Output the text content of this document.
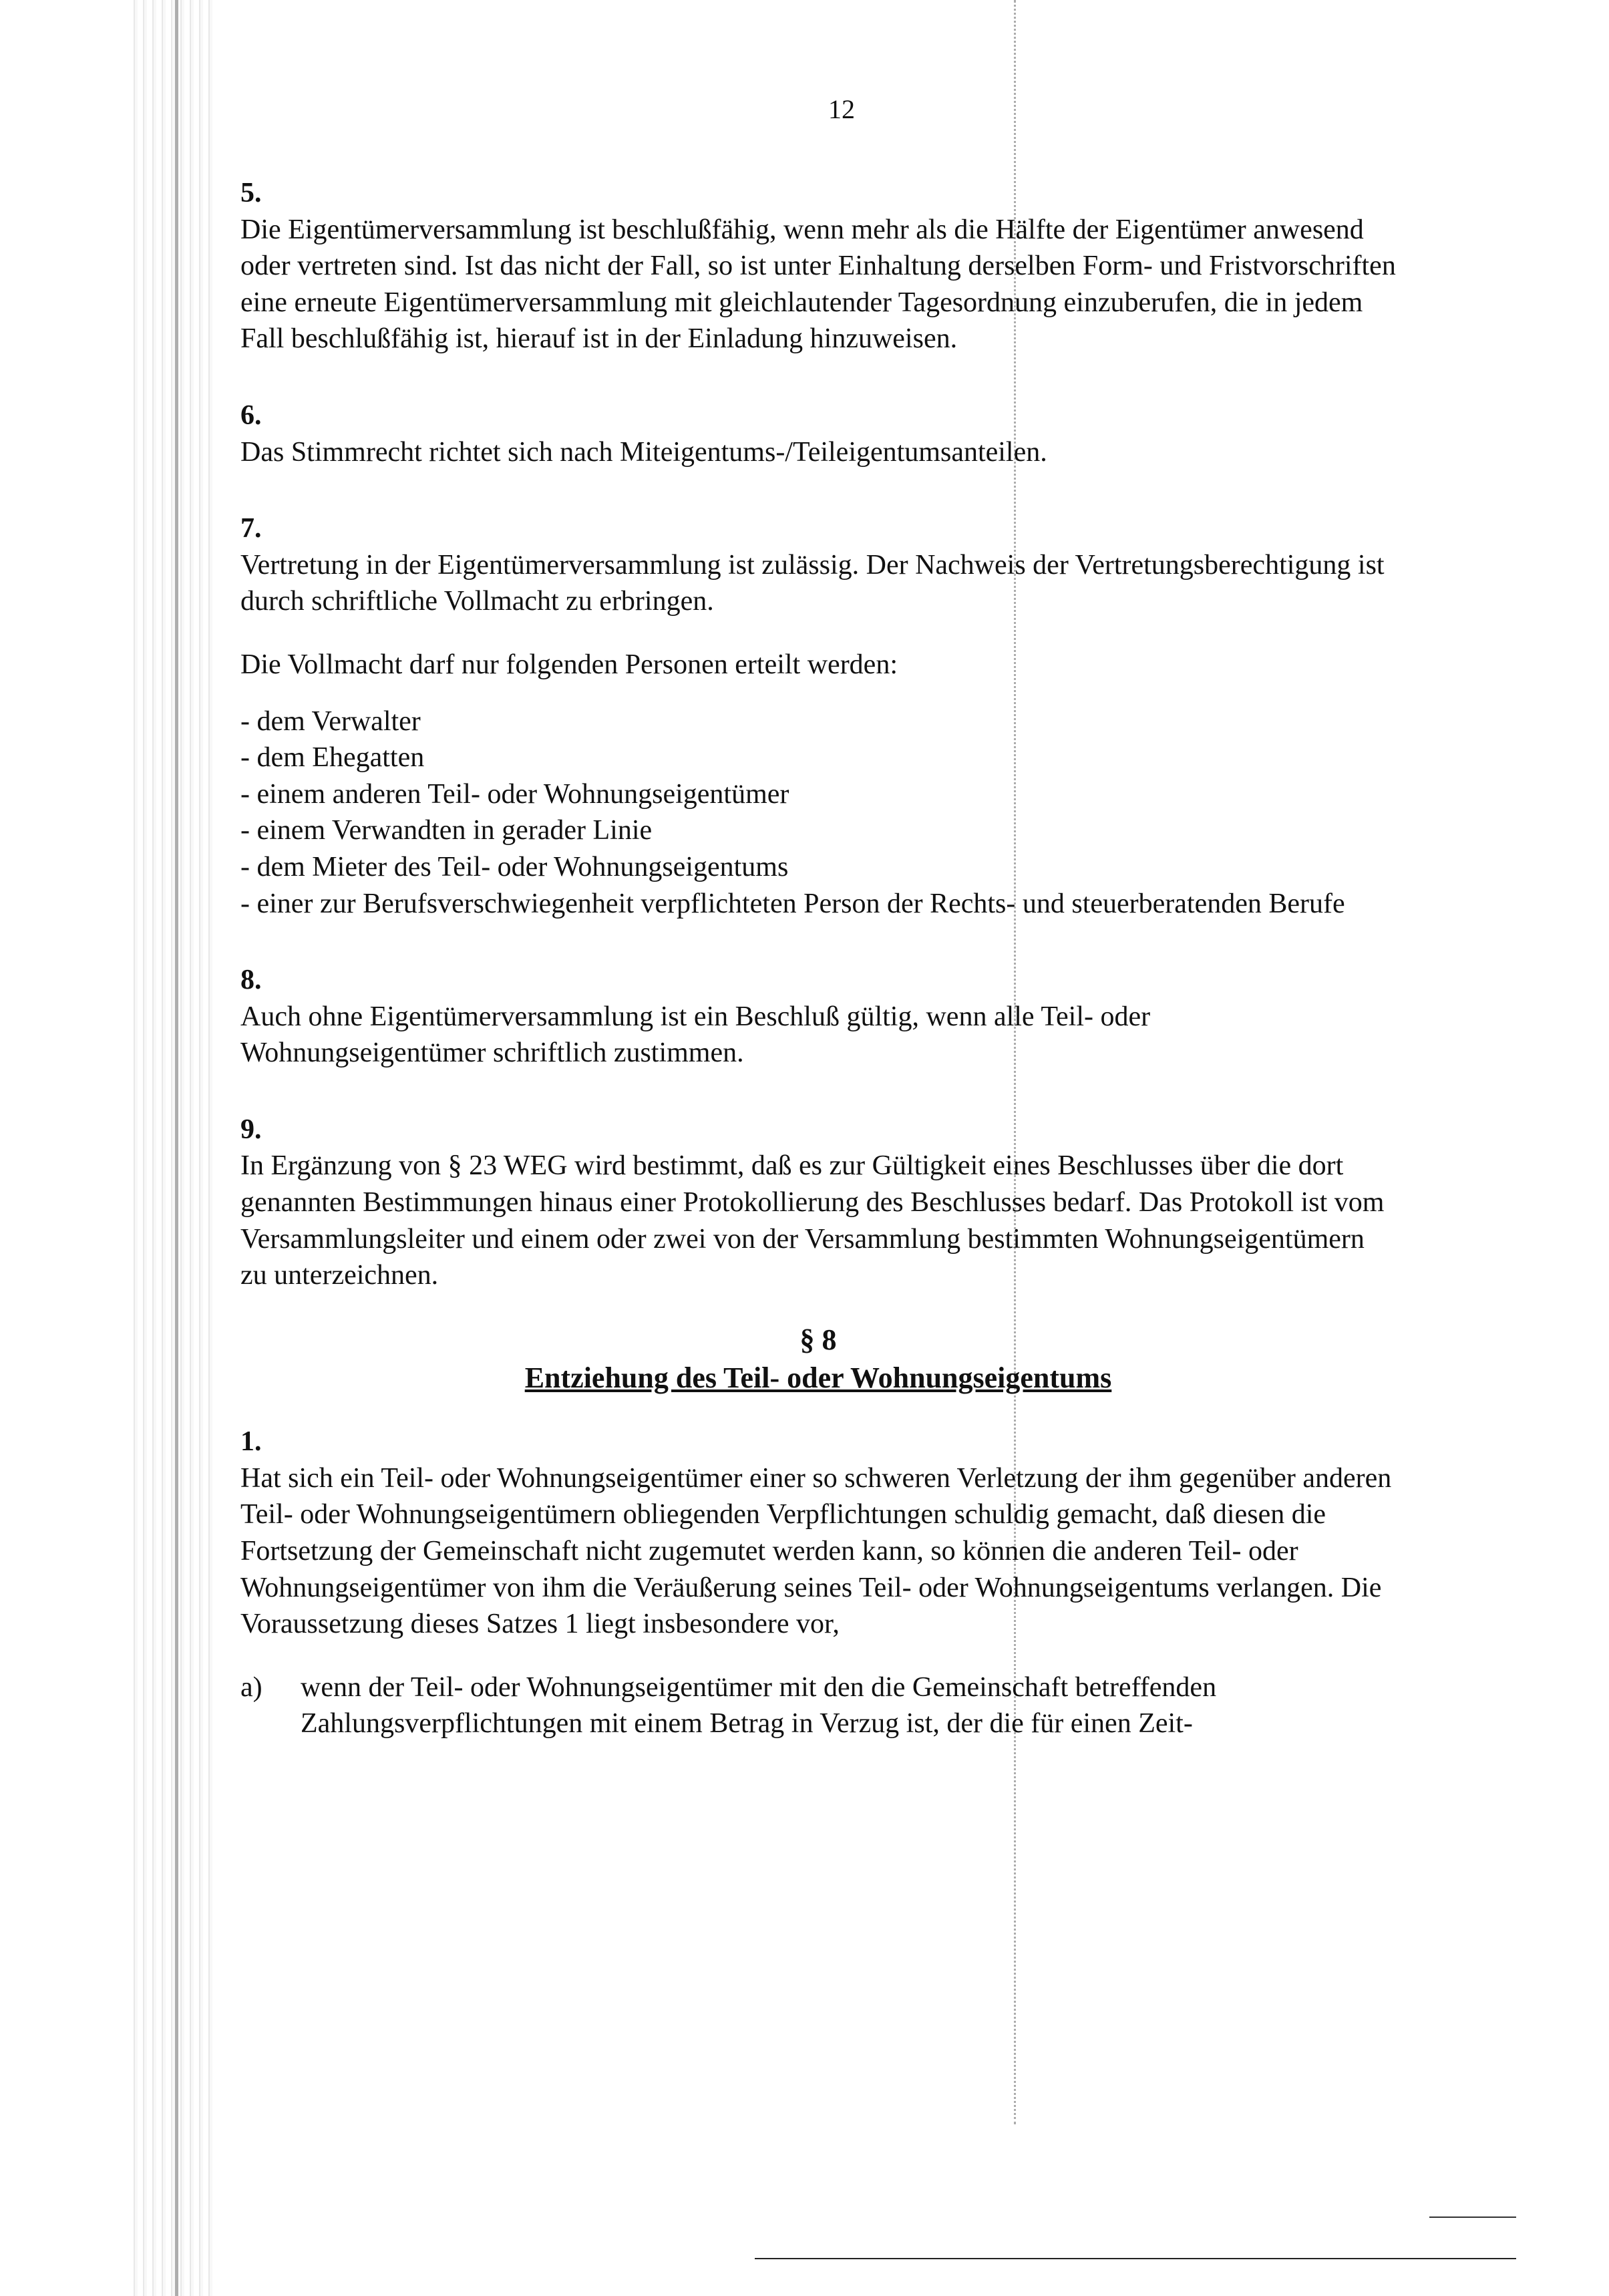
12

5.

Die Eigentümerversammlung ist beschlußfähig, wenn mehr als die Hälfte der Eigentümer anwesend oder vertreten sind. Ist das nicht der Fall, so ist unter Einhaltung derselben Form- und Fristvorschriften eine erneute Eigentümerversammlung mit gleichlautender Tagesordnung einzuberufen, die in jedem Fall beschlußfähig ist, hierauf ist in der Einladung hinzuweisen.

6.

Das Stimmrecht richtet sich nach Miteigentums-/Teileigentumsanteilen.

7.

Vertretung in der Eigentümerversammlung ist zulässig. Der Nachweis der Vertretungsberechtigung ist durch schriftliche Vollmacht zu erbringen.

Die Vollmacht darf nur folgenden Personen erteilt werden:

- dem Verwalter
- dem Ehegatten
- einem anderen Teil- oder Wohnungseigentümer
- einem Verwandten in gerader Linie
- dem Mieter des Teil- oder Wohnungseigentums
- einer zur Berufsverschwiegenheit verpflichteten Person der Rechts- und steuerberatenden Berufe

8.

Auch ohne Eigentümerversammlung ist ein Beschluß gültig, wenn alle Teil- oder Wohnungseigentümer schriftlich zustimmen.

9.

In Ergänzung von § 23 WEG wird bestimmt, daß es zur Gültigkeit eines Beschlusses über die dort genannten Bestimmungen hinaus einer Protokollierung des Beschlusses bedarf. Das Protokoll ist vom Versammlungsleiter und einem oder zwei von der Versammlung bestimmten Wohnungseigentümern zu unterzeichnen.

§ 8
Entziehung des Teil- oder Wohnungseigentums

1.

Hat sich ein Teil- oder Wohnungseigentümer einer so schweren Verletzung der ihm gegenüber anderen Teil- oder Wohnungseigentümern obliegenden Verpflichtungen schuldig gemacht, daß diesen die Fortsetzung der Gemeinschaft nicht zugemutet werden kann, so können die anderen Teil- oder Wohnungseigentümer von ihm die Veräußerung seines Teil- oder Wohnungseigentums verlangen. Die Voraussetzung dieses Satzes 1 liegt insbesondere vor,

a)	wenn der Teil- oder Wohnungseigentümer mit den die Gemeinschaft betreffenden Zahlungsverpflichtungen mit einem Betrag in Verzug ist, der die für einen Zeit-
